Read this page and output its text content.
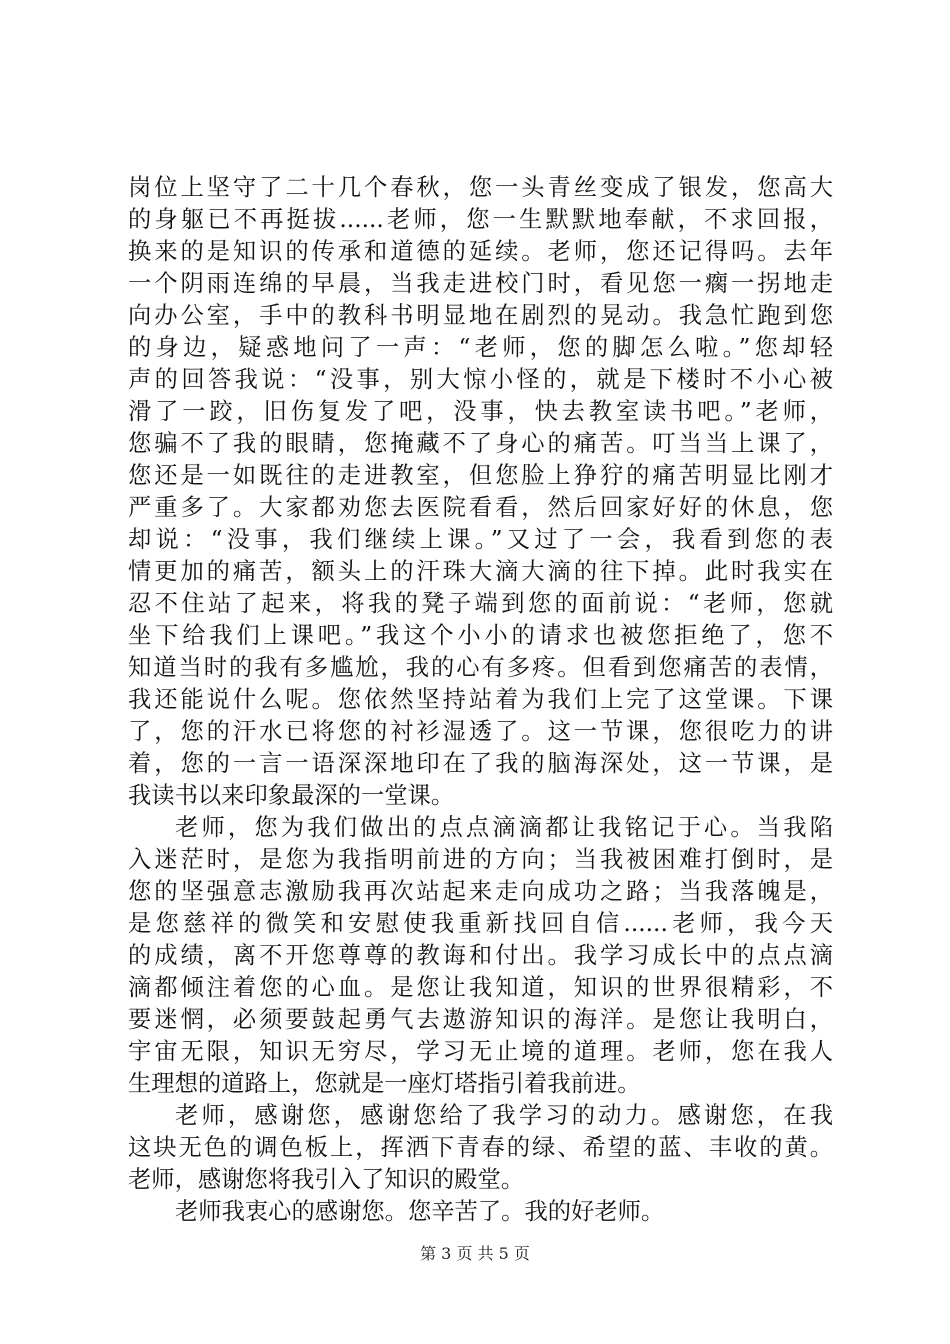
岗位上坚守了二十几个春秋，您一头青丝变成了银发，您高大
的身躯已不再挺拔......老师，您一生默默地奉献，不求回报，
换来的是知识的传承和道德的延续。老师，您还记得吗。去年
一个阴雨连绵的早晨，当我走进校门时，看见您一瘸一拐地走
向办公室，手中的教科书明显地在剧烈的晃动。我急忙跑到您
的身边，疑惑地问了一声：“老师，您的脚怎么啦。”您却轻
声的回答我说：“没事，别大惊小怪的，就是下楼时不小心被
滑了一跤，旧伤复发了吧，没事，快去教室读书吧。”老师，
您骗不了我的眼睛，您掩藏不了身心的痛苦。叮当当上课了，
您还是一如既往的走进教室，但您脸上狰狞的痛苦明显比刚才
严重多了。大家都劝您去医院看看，然后回家好好的休息，您
却说：“没事，我们继续上课。”又过了一会，我看到您的表
情更加的痛苦，额头上的汗珠大滴大滴的往下掉。此时我实在
忍不住站了起来，将我的凳子端到您的面前说：“老师，您就
坐下给我们上课吧。”我这个小小的请求也被您拒绝了，您不
知道当时的我有多尴尬，我的心有多疼。但看到您痛苦的表情，
我还能说什么呢。您依然坚持站着为我们上完了这堂课。下课
了，您的汗水已将您的衬衫湿透了。这一节课，您很吃力的讲
着，您的一言一语深深地印在了我的脑海深处，这一节课，是
我读书以来印象最深的一堂课。
老师，您为我们做出的点点滴滴都让我铭记于心。当我陷
入迷茫时，是您为我指明前进的方向；当我被困难打倒时，是
您的坚强意志激励我再次站起来走向成功之路；当我落魄是，
是您慈祥的微笑和安慰使我重新找回自信......老师，我今天
的成绩，离不开您尊尊的教诲和付出。我学习成长中的点点滴
滴都倾注着您的心血。是您让我知道，知识的世界很精彩，不
要迷惘，必须要鼓起勇气去遨游知识的海洋。是您让我明白，
宇宙无限，知识无穷尽，学习无止境的道理。老师，您在我人
生理想的道路上，您就是一座灯塔指引着我前进。
老师，感谢您，感谢您给了我学习的动力。感谢您，在我
这块无色的调色板上，挥洒下青春的绿、希望的蓝、丰收的黄。
老师，感谢您将我引入了知识的殿堂。
老师我衷心的感谢您。您辛苦了。我的好老师。
第 3 页 共 5 页
